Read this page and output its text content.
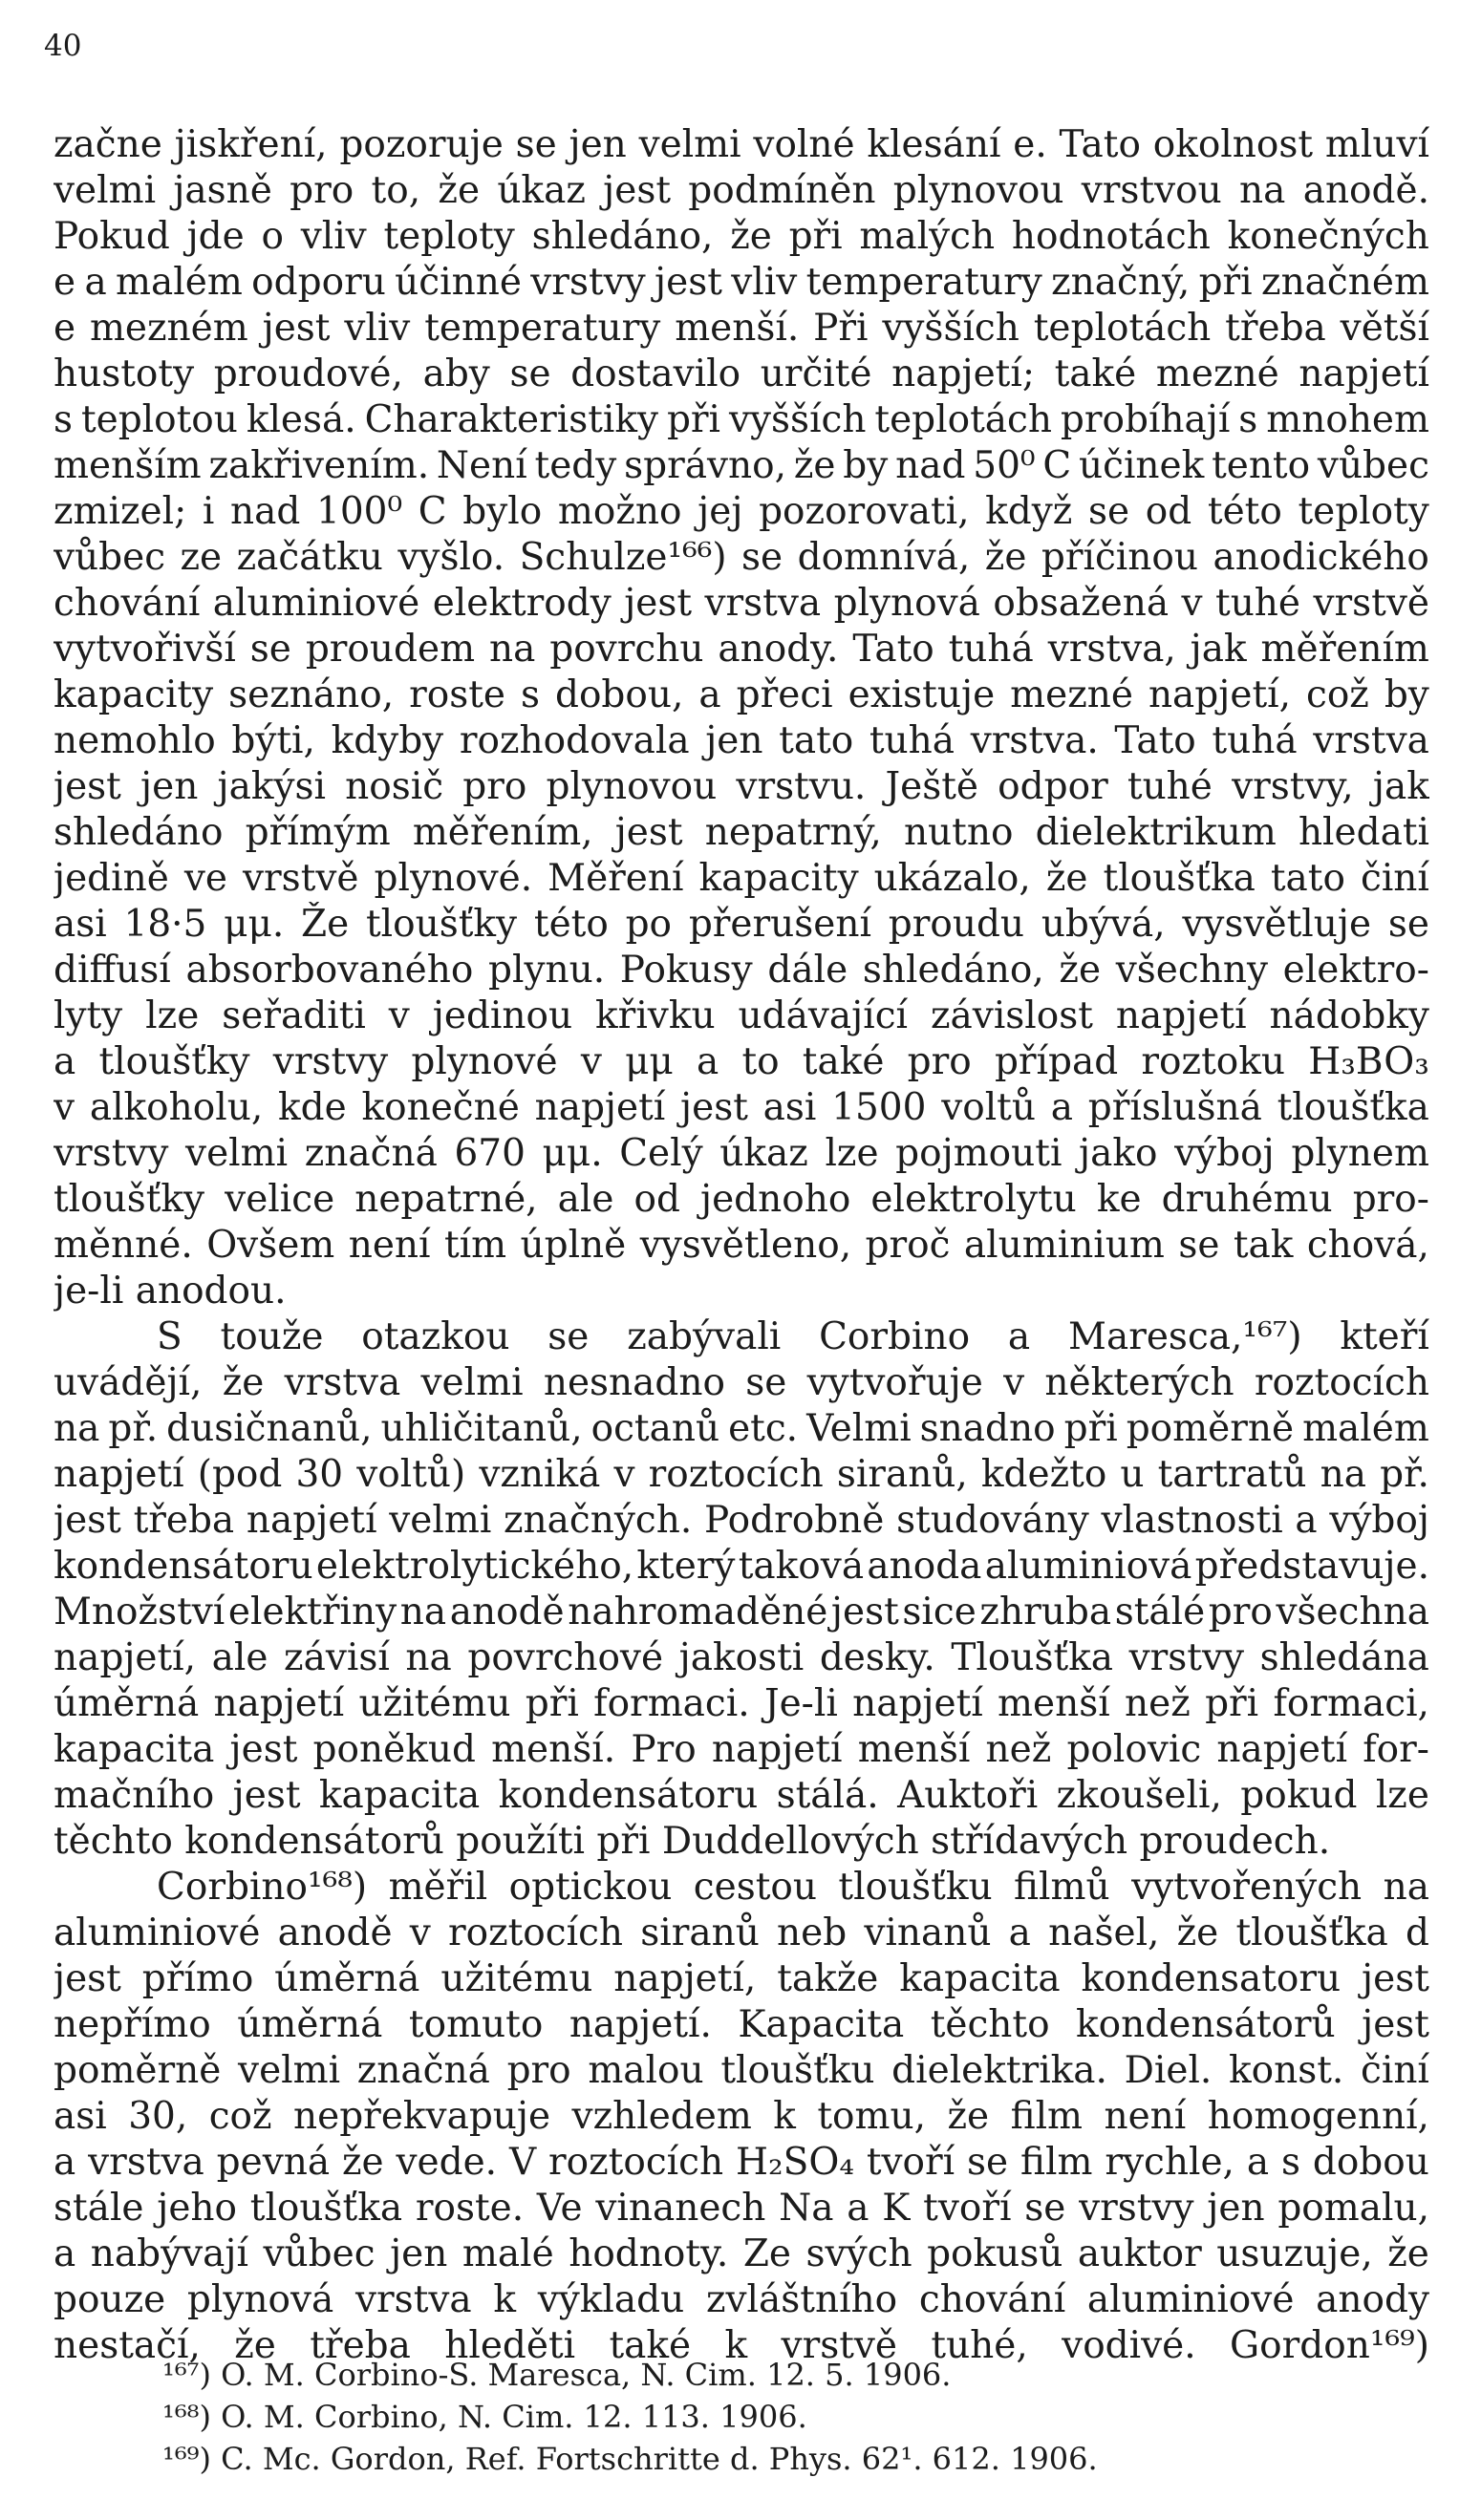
40
začne jiskření, pozoruje se jen velmi volné klesání e. Tato okolnost mluví
velmi jasně pro to, že úkaz jest podmíněn plynovou vrstvou na anodě.
Pokud jde o vliv teploty shledáno, že při malých hodnotách konečných
e a malém odporu účinné vrstvy jest vliv temperatury značný, při značném
e mezném jest vliv temperatury menší. Při vyšších teplotách třeba větší
hustoty proudové, aby se dostavilo určité napjetí; také mezné napjetí
s teplotou klesá. Charakteristiky při vyšších teplotách probíhají s mnohem
menším zakřivením. Není tedy správno, že by nad 50⁰ C účinek tento vůbec
zmizel; i nad 100⁰ C bylo možno jej pozorovati, když se od této teploty
vůbec ze začátku vyšlo. Schulze¹⁶⁶) se domnívá, že příčinou anodického
chování aluminiové elektrody jest vrstva plynová obsažená v tuhé vrstvě
vytvořivší se proudem na povrchu anody. Tato tuhá vrstva, jak měřením
kapacity seznáno, roste s dobou, a přeci existuje mezné napjetí, což by
nemohlo býti, kdyby rozhodovala jen tato tuhá vrstva. Tato tuhá vrstva
jest jen jakýsi nosič pro plynovou vrstvu. Ještě odpor tuhé vrstvy, jak
shledáno přímým měřením, jest nepatrný, nutno dielektrikum hledati
jedině ve vrstvě plynové. Měření kapacity ukázalo, že tloušťka tato činí
asi 18·5 μμ. Že tloušťky této po přerušení proudu ubývá, vysvětluje se
diffusí absorbovaného plynu. Pokusy dále shledáno, že všechny elektro-
lyty lze seřaditi v jedinou křivku udávající závislost napjetí nádobky
a tloušťky vrstvy plynové v μμ a to také pro případ roztoku H₃BO₃
v alkoholu, kde konečné napjetí jest asi 1500 voltů a příslušná tloušťka
vrstvy velmi značná 670 μμ. Celý úkaz lze pojmouti jako výboj plynem
tloušťky velice nepatrné, ale od jednoho elektrolytu ke druhému pro-
měnné. Ovšem není tím úplně vysvětleno, proč aluminium se tak chová,
je-li anodou.
S touže otazkou se zabývali Corbino a Maresca,¹⁶⁷) kteří
uvádějí, že vrstva velmi nesnadno se vytvořuje v některých roztocích
na př. dusičnanů, uhličitanů, octanů etc. Velmi snadno při poměrně malém
napjetí (pod 30 voltů) vzniká v roztocích siranů, kdežto u tartratů na př.
jest třeba napjetí velmi značných. Podrobně studovány vlastnosti a výboj
kondensátoru elektrolytického, který taková anoda aluminiová představuje.
Množství elektřiny na anodě nahromaděné jest sice zhruba stálé pro všechna
napjetí, ale závisí na povrchové jakosti desky. Tloušťka vrstvy shledána
úměrná napjetí užitému při formaci. Je-li napjetí menší než při formaci,
kapacita jest poněkud menší. Pro napjetí menší než polovic napjetí for-
mačního jest kapacita kondensátoru stálá. Auktoři zkoušeli, pokud lze
těchto kondensátorů použíti při Duddellových střídavých proudech.
Corbino¹⁶⁸) měřil optickou cestou tloušťku filmů vytvořených na
aluminiové anodě v roztocích siranů neb vinanů a našel, že tloušťka d
jest přímo úměrná užitému napjetí, takže kapacita kondensatoru jest
nepřímo úměrná tomuto napjetí. Kapacita těchto kondensátorů jest
poměrně velmi značná pro malou tloušťku dielektrika. Diel. konst. činí
asi 30, což nepřekvapuje vzhledem k tomu, že film není homogenní,
a vrstva pevná že vede. V roztocích H₂SO₄ tvoří se film rychle, a s dobou
stále jeho tloušťka roste. Ve vinanech Na a K tvoří se vrstvy jen pomalu,
a nabývají vůbec jen malé hodnoty. Ze svých pokusů auktor usuzuje, že
pouze plynová vrstva k výkladu zvláštního chování aluminiové anody
nestačí, že třeba hleděti také k vrstvě tuhé, vodivé. Gordon¹⁶⁹)
¹⁶⁷) O. M. Corbino-S. Maresca, N. Cim. 12. 5. 1906.
¹⁶⁸) O. M. Corbino, N. Cim. 12. 113. 1906.
¹⁶⁹) C. Mc. Gordon, Ref. Fortschritte d. Phys. 62¹. 612. 1906.
